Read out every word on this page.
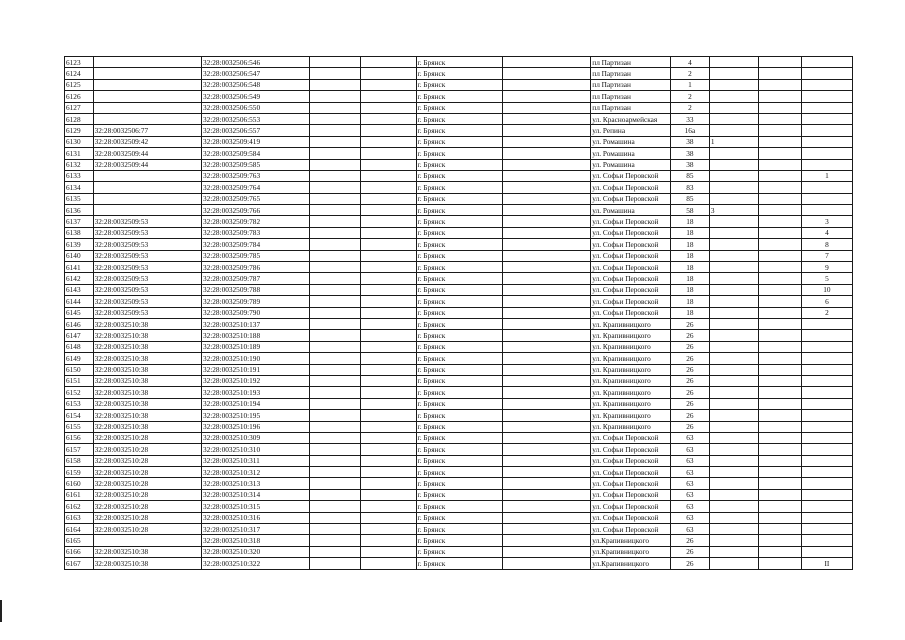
6123		32:28:0032506:546			г. Брянск		пл Партизан	4			
6124		32:28:0032506:547			г. Брянск		пл Партизан	2			
6125		32:28:0032506:548			г. Брянск		пл Партизан	1			
6126		32:28:0032506:549			г. Брянск		пл Партизан	2			
6127		32:28:0032506:550			г. Брянск		пл Партизан	2			
6128		32:28:0032506:553			г. Брянск		ул. Красноармейская	33			
6129	32:28:0032506:77	32:28:0032506:557			г. Брянск		ул. Репина	16а			
6130	32:28:0032509:42	32:28:0032509:419			г. Брянск		ул. Ромашина	38	1		
6131	32:28:0032509:44	32:28:0032509:584			г. Брянск		ул. Ромашина	38			
6132	32:28:0032509:44	32:28:0032509:585			г. Брянск		ул. Ромашина	38			
6133		32:28:0032509:763			г. Брянск		ул. Софьи Перовской	85			1
6134		32:28:0032509:764			г. Брянск		ул. Софьи Перовской	83			
6135		32:28:0032509:765			г. Брянск		ул. Софьи Перовской	85			
6136		32:28:0032509:766			г. Брянск		ул. Ромашина	58	3		
6137	32:28:0032509:53	32:28:0032509:782			г. Брянск		ул. Софьи Перовской	18			3
6138	32:28:0032509:53	32:28:0032509:783			г. Брянск		ул. Софьи Перовской	18			4
6139	32:28:0032509:53	32:28:0032509:784			г. Брянск		ул. Софьи Перовской	18			8
6140	32:28:0032509:53	32:28:0032509:785			г. Брянск		ул. Софьи Перовской	18			7
6141	32:28:0032509:53	32:28:0032509:786			г. Брянск		ул. Софьи Перовской	18			9
6142	32:28:0032509:53	32:28:0032509:787			г. Брянск		ул. Софьи Перовской	18			5
6143	32:28:0032509:53	32:28:0032509:788			г. Брянск		ул. Софьи Перовской	18			10
6144	32:28:0032509:53	32:28:0032509:789			г. Брянск		ул. Софьи Перовской	18			6
6145	32:28:0032509:53	32:28:0032509:790			г. Брянск		ул. Софьи Перовской	18			2
6146	32:28:0032510:38	32:28:0032510:137			г. Брянск		ул. Крапивницкого	26			
6147	32:28:0032510:38	32:28:0032510:188			г. Брянск		ул. Крапивницкого	26			
6148	32:28:0032510:38	32:28:0032510:189			г. Брянск		ул. Крапивницкого	26			
6149	32:28:0032510:38	32:28:0032510:190			г. Брянск		ул. Крапивницкого	26			
6150	32:28:0032510:38	32:28:0032510:191			г. Брянск		ул. Крапивницкого	26			
6151	32:28:0032510:38	32:28:0032510:192			г. Брянск		ул. Крапивницкого	26			
6152	32:28:0032510:38	32:28:0032510:193			г. Брянск		ул. Крапивницкого	26			
6153	32:28:0032510:38	32:28:0032510:194			г. Брянск		ул. Крапивницкого	26			
6154	32:28:0032510:38	32:28:0032510:195			г. Брянск		ул. Крапивницкого	26			
6155	32:28:0032510:38	32:28:0032510:196			г. Брянск		ул. Крапивницкого	26			
6156	32:28:0032510:28	32:28:0032510:309			г. Брянск		ул. Софьи Перовской	63			
6157	32:28:0032510:28	32:28:0032510:310			г. Брянск		ул. Софьи Перовской	63			
6158	32:28:0032510:28	32:28:0032510:311			г. Брянск		ул. Софьи Перовской	63			
6159	32:28:0032510:28	32:28:0032510:312			г. Брянск		ул. Софьи Перовской	63			
6160	32:28:0032510:28	32:28:0032510:313			г. Брянск		ул. Софьи Перовской	63			
6161	32:28:0032510:28	32:28:0032510:314			г. Брянск		ул. Софьи Перовской	63			
6162	32:28:0032510:28	32:28:0032510:315			г. Брянск		ул. Софьи Перовской	63			
6163	32:28:0032510:28	32:28:0032510:316			г. Брянск		ул. Софьи Перовской	63			
6164	32:28:0032510:28	32:28:0032510:317			г. Брянск		ул. Софьи Перовской	63			
6165		32:28:0032510:318			г. Брянск		ул.Крапивницкого	26			
6166	32:28:0032510:38	32:28:0032510:320			г. Брянск		ул.Крапивницкого	26			
6167	32:28:0032510:38	32:28:0032510:322			г. Брянск		ул.Крапивницкого	26			II
